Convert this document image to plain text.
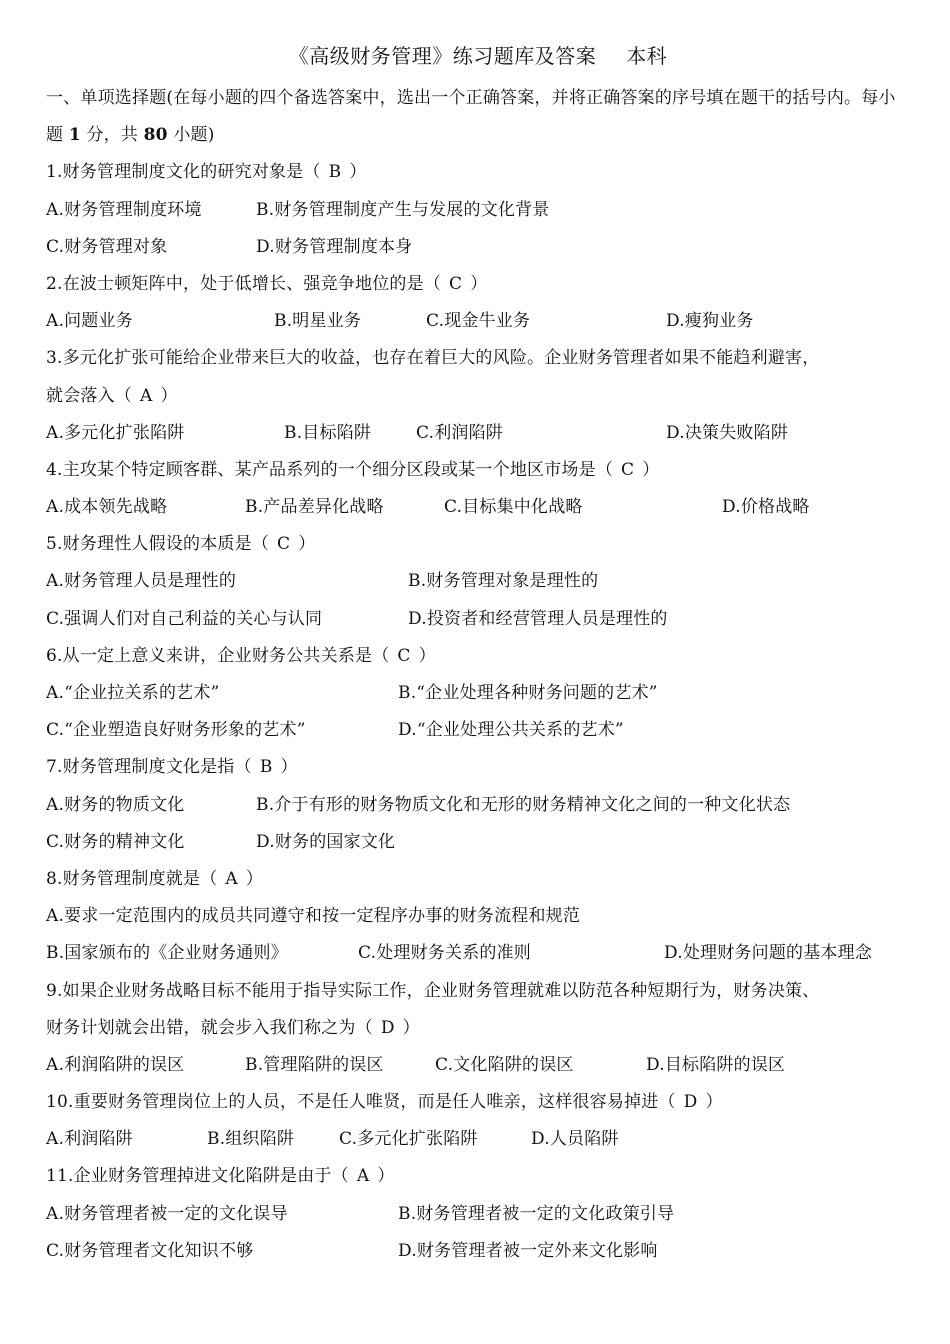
《高级财务管理》练习题库及答案 本科
一、单项选择题(在每小题的四个备选答案中，选出一个正确答案，并将正确答案的序号填在题干的括号内。每小题 1 分，共 80 小题)
1.财务管理制度文化的研究对象是（ B ）
A.财务管理制度环境	B.财务管理制度产生与发展的文化背景
C.财务管理对象	D.财务管理制度本身
2.在波士顿矩阵中，处于低增长、强竞争地位的是（ C ）
A.问题业务	B.明星业务	C.现金牛业务	D.瘦狗业务
3.多元化扩张可能给企业带来巨大的收益，也存在着巨大的风险。企业财务管理者如果不能趋利避害，
就会落入（ A ）
A.多元化扩张陷阱	B.目标陷阱	C.利润陷阱	D.决策失败陷阱
4.主攻某个特定顾客群、某产品系列的一个细分区段或某一个地区市场是（ C ）
A.成本领先战略	B.产品差异化战略	C.目标集中化战略	D.价格战略
5.财务理性人假设的本质是（ C ）
A.财务管理人员是理性的	B.财务管理对象是理性的
C.强调人们对自己利益的关心与认同	D.投资者和经营管理人员是理性的
6.从一定上意义来讲，企业财务公共关系是（ C ）
A.“企业拉关系的艺术”	B.“企业处理各种财务问题的艺术”
C.“企业塑造良好财务形象的艺术”	D.“企业处理公共关系的艺术”
7.财务管理制度文化是指（ B ）
A.财务的物质文化	B.介于有形的财务物质文化和无形的财务精神文化之间的一种文化状态
C.财务的精神文化	D.财务的国家文化
8.财务管理制度就是（ A ）
A.要求一定范围内的成员共同遵守和按一定程序办事的财务流程和规范
B.国家颁布的《企业财务通则》	C.处理财务关系的准则	D.处理财务问题的基本理念
9.如果企业财务战略目标不能用于指导实际工作，企业财务管理就难以防范各种短期行为，财务决策、
财务计划就会出错，就会步入我们称之为（ D ）
A.利润陷阱的误区	B.管理陷阱的误区	C.文化陷阱的误区	D.目标陷阱的误区
10.重要财务管理岗位上的人员，不是任人唯贤，而是任人唯亲，这样很容易掉进（ D ）
A.利润陷阱	B.组织陷阱	C.多元化扩张陷阱	D.人员陷阱
11.企业财务管理掉进文化陷阱是由于（ A ）
A.财务管理者被一定的文化误导	B.财务管理者被一定的文化政策引导
C.财务管理者文化知识不够	D.财务管理者被一定外来文化影响
